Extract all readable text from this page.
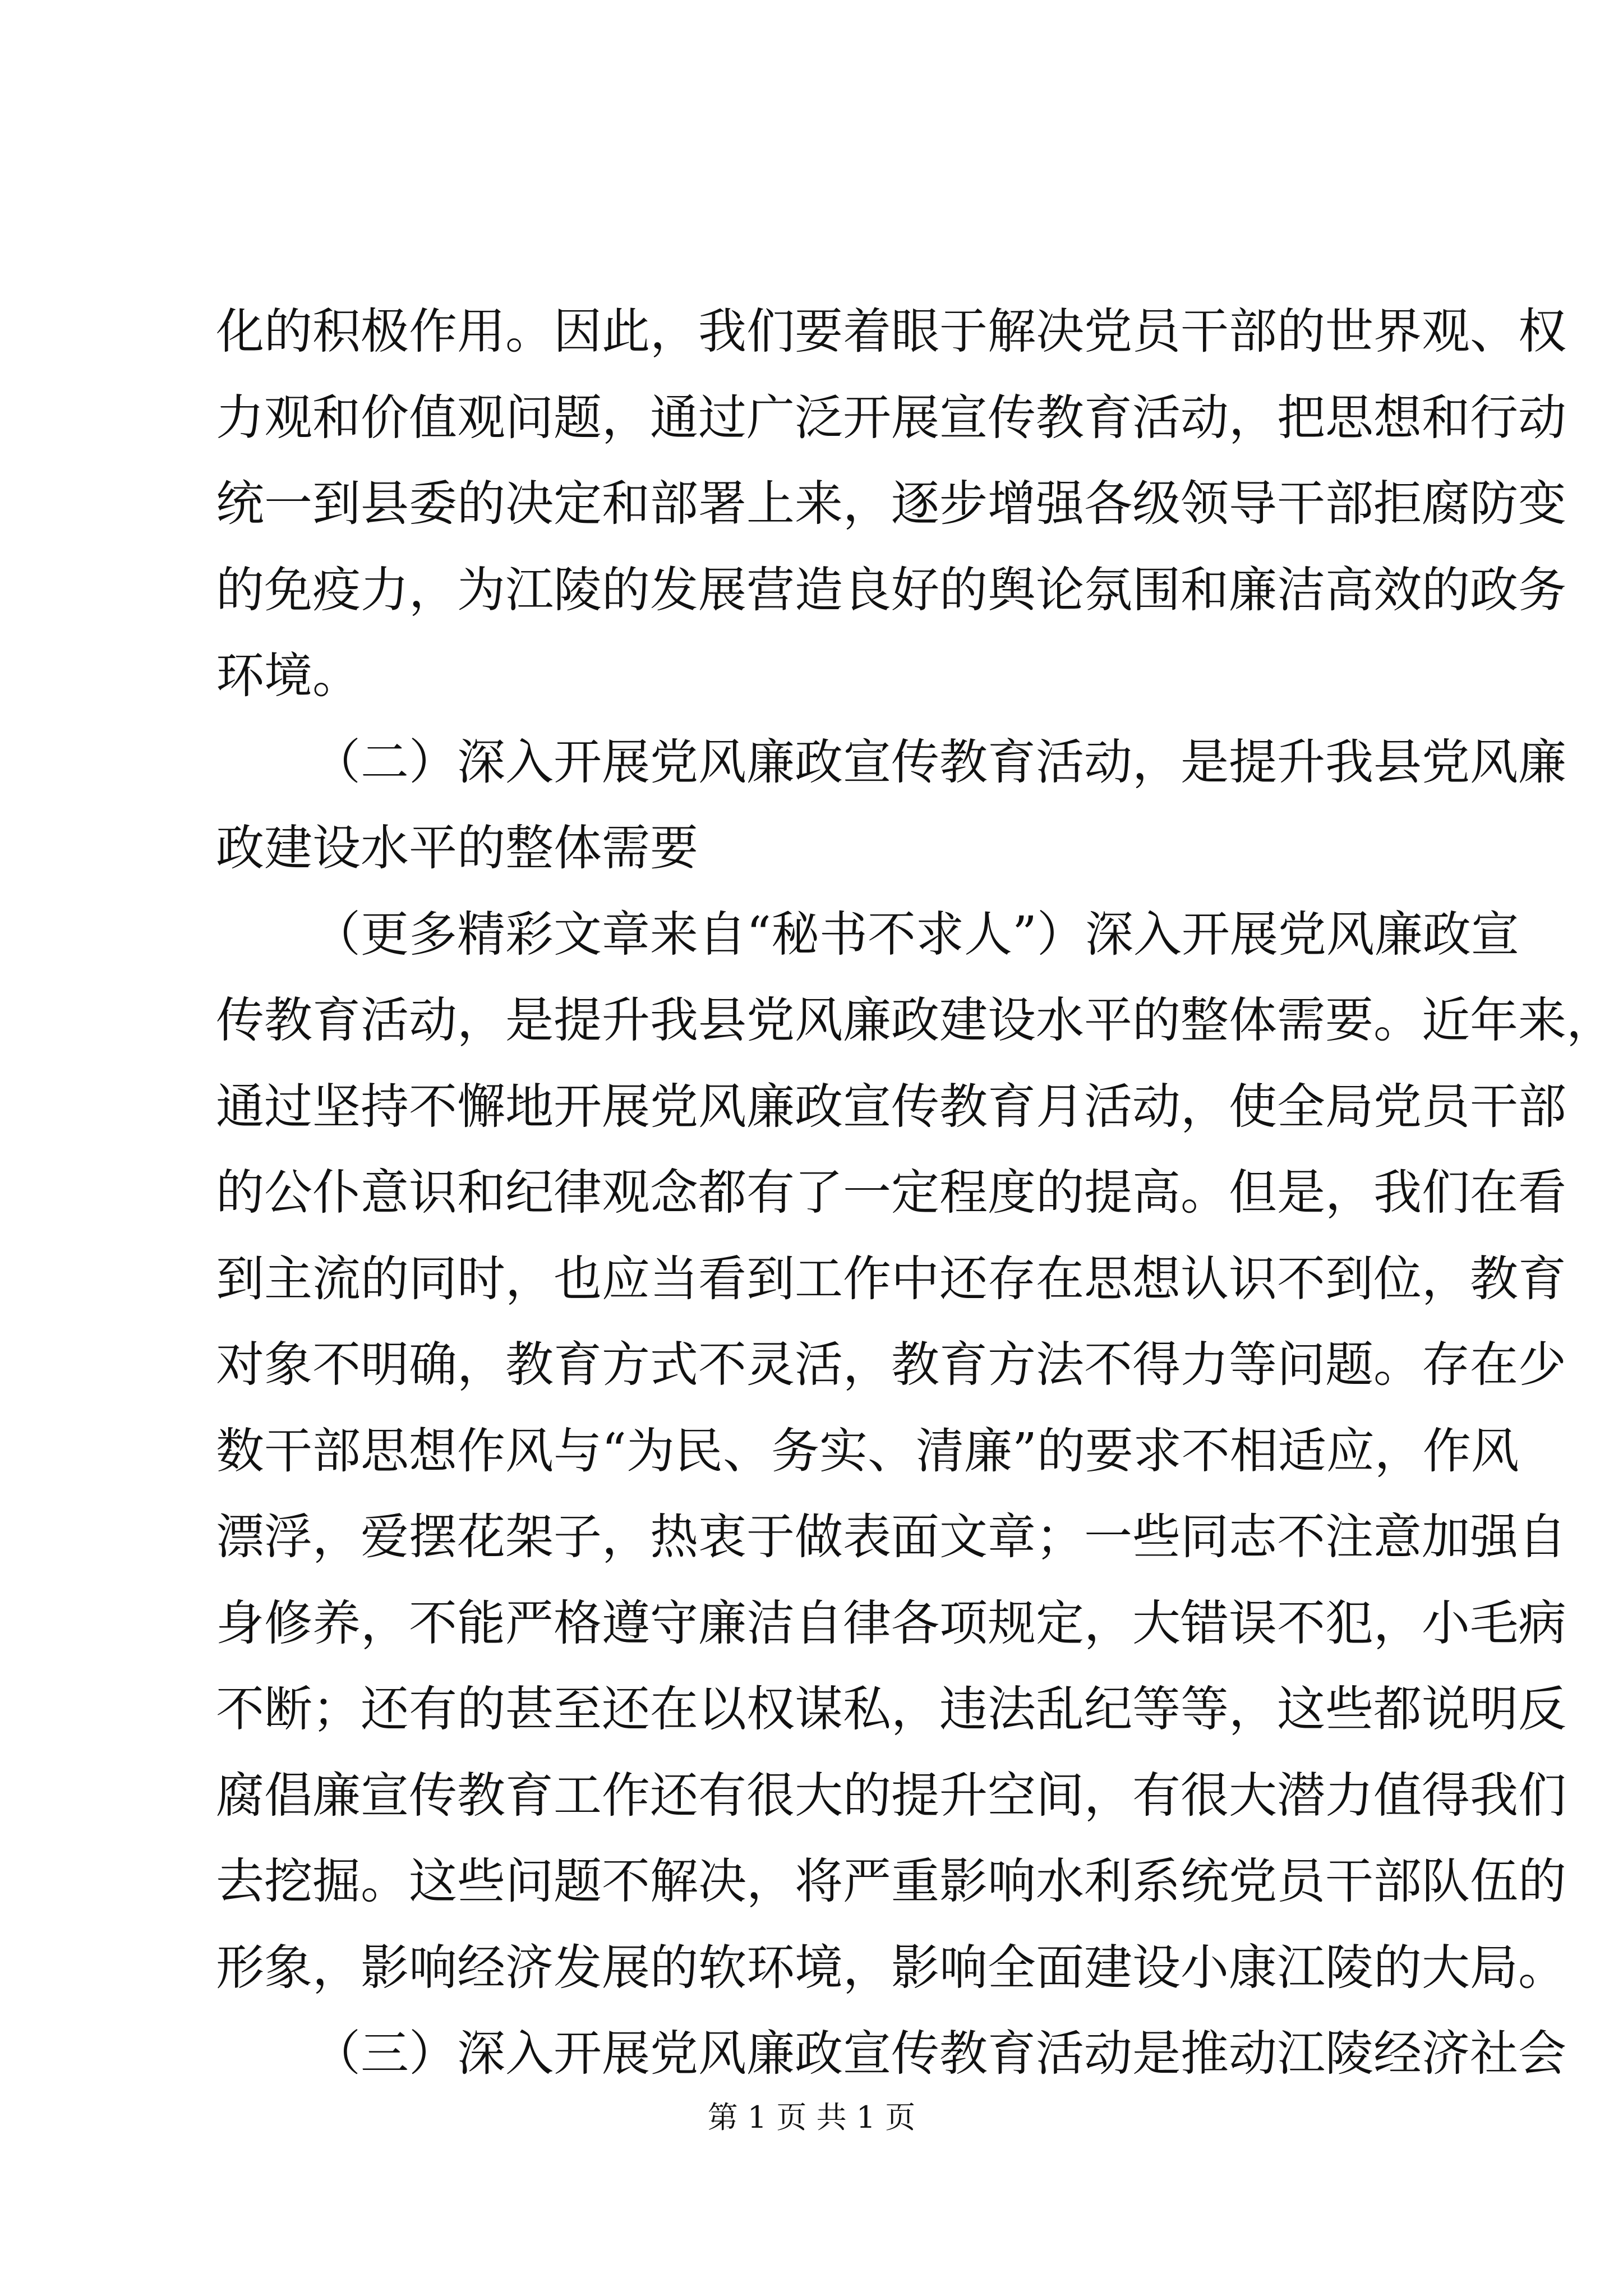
化的积极作用。因此，我们要着眼于解决党员干部的世界观、权
力观和价值观问题，通过广泛开展宣传教育活动，把思想和行动
统一到县委的决定和部署上来，逐步增强各级领导干部拒腐防变
的免疫力，为江陵的发展营造良好的舆论氛围和廉洁高效的政务
环境。
（二）深入开展党风廉政宣传教育活动，是提升我县党风廉
政建设水平的整体需要
（更多精彩文章来自“秘书不求人”）深入开展党风廉政宣
传教育活动，是提升我县党风廉政建设水平的整体需要。近年来，
通过坚持不懈地开展党风廉政宣传教育月活动，使全局党员干部
的公仆意识和纪律观念都有了一定程度的提高。但是，我们在看
到主流的同时，也应当看到工作中还存在思想认识不到位，教育
对象不明确，教育方式不灵活，教育方法不得力等问题。存在少
数干部思想作风与“为民、务实、清廉”的要求不相适应，作风
漂浮，爱摆花架子，热衷于做表面文章；一些同志不注意加强自
身修养，不能严格遵守廉洁自律各项规定，大错误不犯，小毛病
不断；还有的甚至还在以权谋私，违法乱纪等等，这些都说明反
腐倡廉宣传教育工作还有很大的提升空间，有很大潜力值得我们
去挖掘。这些问题不解决，将严重影响水利系统党员干部队伍的
形象，影响经济发展的软环境，影响全面建设小康江陵的大局。
（三）深入开展党风廉政宣传教育活动是推动江陵经济社会
第 1 页 共 1 页
